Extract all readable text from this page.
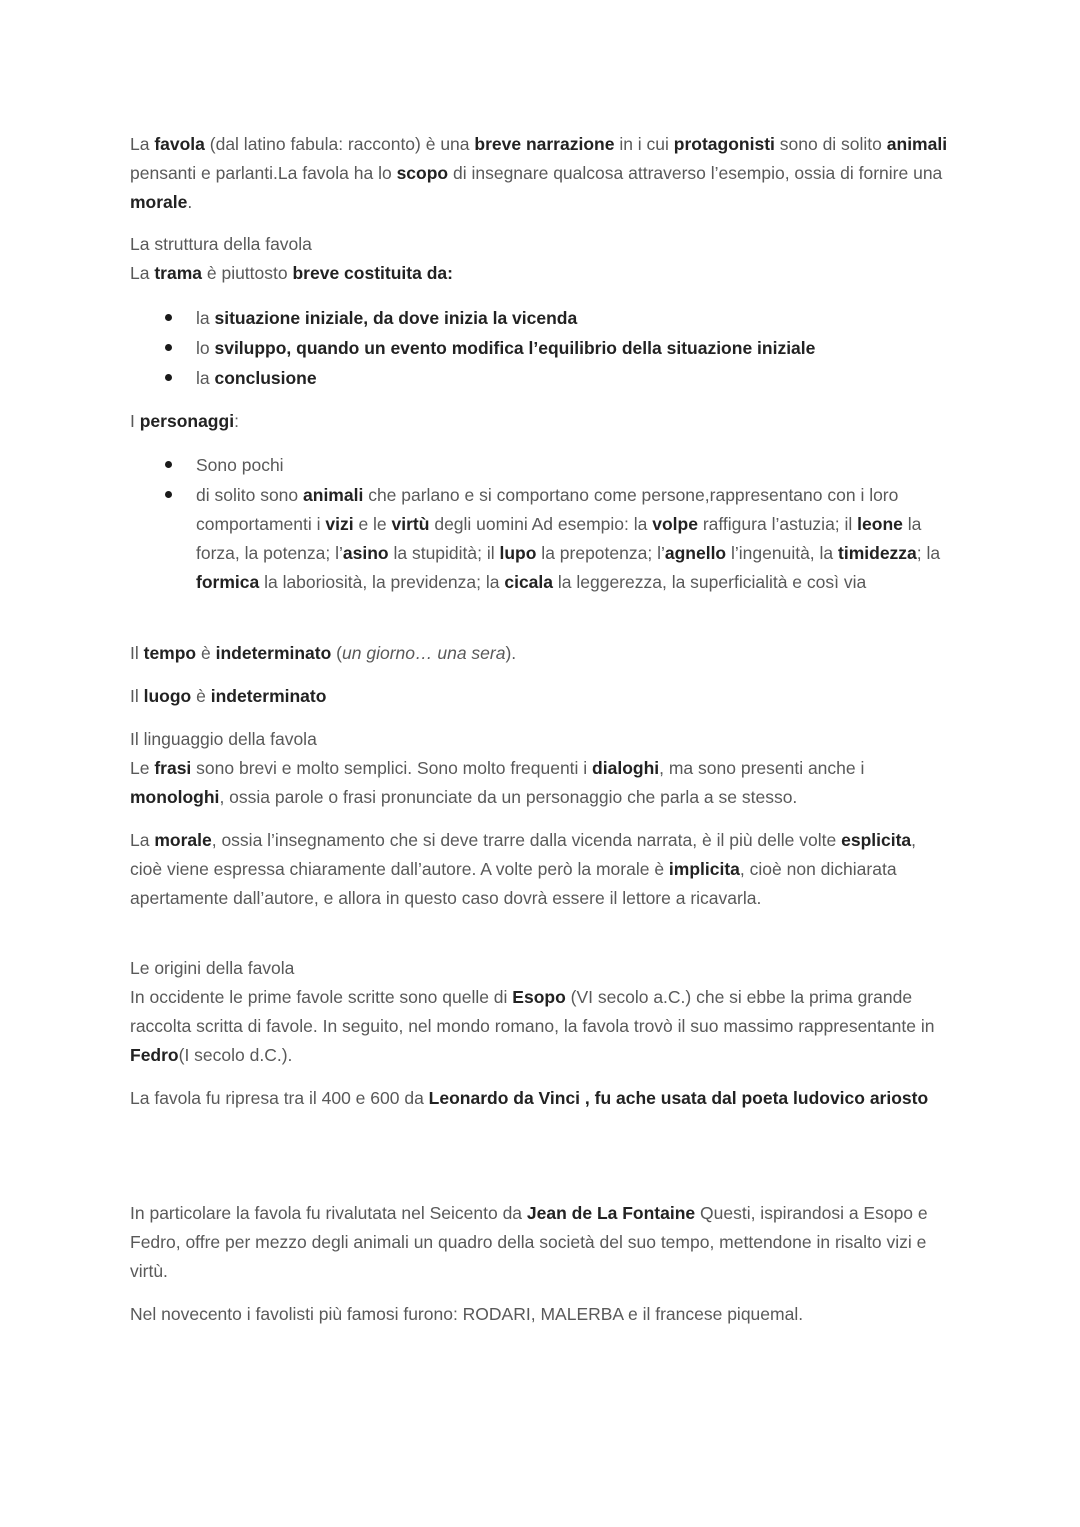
La favola (dal latino fabula: racconto) è una breve narrazione in i cui protagonisti sono di solito animali pensanti e parlanti.La favola ha lo scopo di insegnare qualcosa attraverso l’esempio, ossia di fornire una morale.

La struttura della favola

La trama è piuttosto breve costituita da:

la situazione iniziale, da dove inizia la vicenda

lo sviluppo, quando un evento modifica l’equilibrio della situazione iniziale

la conclusione

I personaggi:

Sono pochi

di solito sono animali che parlano e si comportano come persone,rappresentano con i loro comportamenti i vizi e le virtù degli uomini Ad esempio: la volpe raffigura l’astuzia; il leone la forza, la potenza; l’asino la stupidità; il lupo la prepotenza; l’agnello l’ingenuità, la timidezza; la formica la laboriosità, la previdenza; la cicala la leggerezza, la superficialità e così via

Il tempo è indeterminato (un giorno… una sera).

Il luogo è indeterminato

Il linguaggio della favola

Le frasi sono brevi e molto semplici. Sono molto frequenti i dialoghi, ma sono presenti anche i monologhi, ossia parole o frasi pronunciate da un personaggio che parla a se stesso.

La morale, ossia l’insegnamento che si deve trarre dalla vicenda narrata, è il più delle volte esplicita, cioè viene espressa chiaramente dall’autore. A volte però la morale è implicita, cioè non dichiarata apertamente dall’autore, e allora in questo caso dovrà essere il lettore a ricavarla.

Le origini della favola

In occidente le prime favole scritte sono quelle di Esopo (VI secolo a.C.) che si ebbe la prima grande raccolta scritta di favole. In seguito, nel mondo romano, la favola trovò il suo massimo rappresentante in Fedro(I secolo d.C.).

La favola fu ripresa tra il 400 e 600 da Leonardo da Vinci , fu ache usata dal poeta ludovico ariosto

In particolare la favola fu rivalutata nel Seicento da Jean de La Fontaine Questi, ispirandosi a Esopo e Fedro, offre per mezzo degli animali un quadro della società del suo tempo, mettendone in risalto vizi e virtù.

Nel novecento i favolisti più famosi furono: RODARI, MALERBA e il francese piquemal.
